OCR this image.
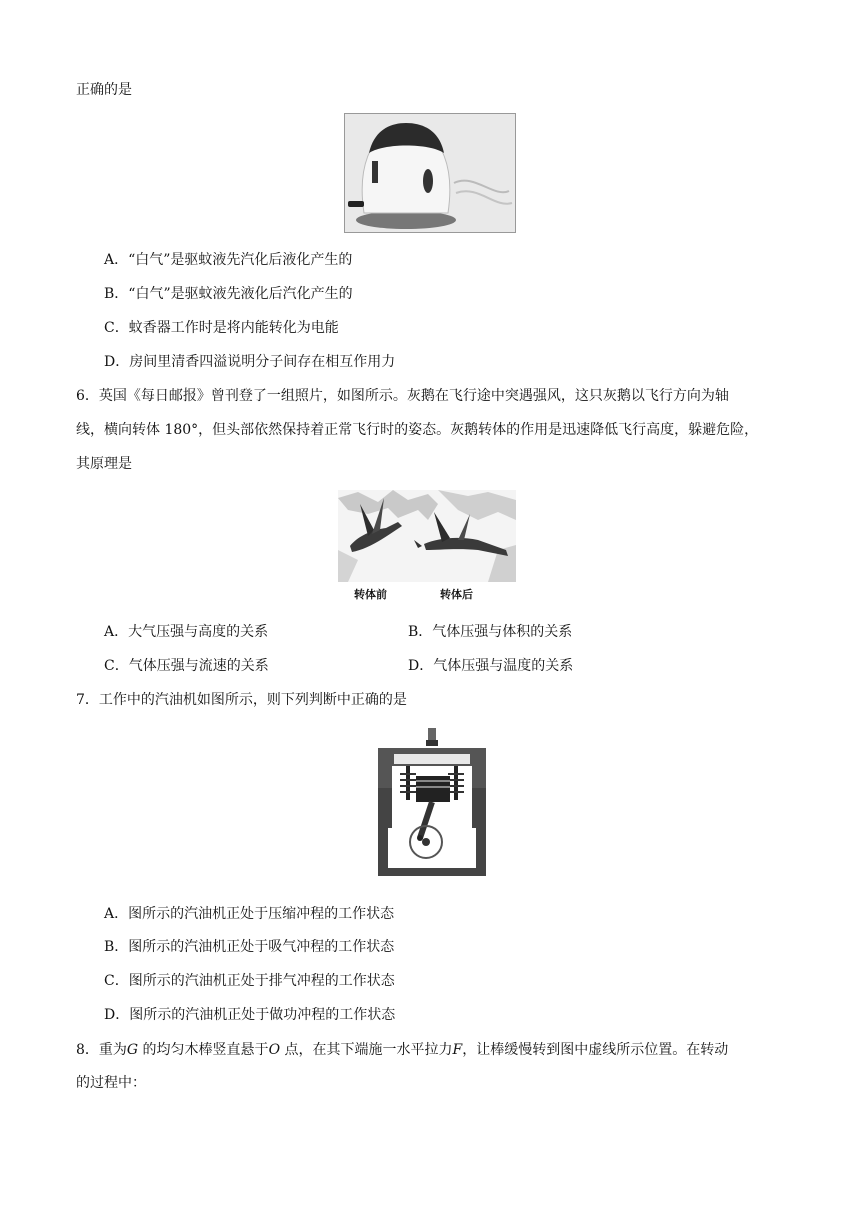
正确的是
A．“白气”是驱蚊液先汽化后液化产生的
B．“白气”是驱蚊液先液化后汽化产生的
C．蚊香器工作时是将内能转化为电能
D．房间里清香四溢说明分子间存在相互作用力
6．英国《每日邮报》曾刊登了一组照片，如图所示。灰鹅在飞行途中突遇强风，这只灰鹅以飞行方向为轴
线，横向转体 180°，但头部依然保持着正常飞行时的姿态。灰鹅转体的作用是迅速降低飞行高度，躲避危险，
其原理是
转体前	转体后
A．大气压强与高度的关系	B．气体压强与体积的关系
C．气体压强与流速的关系	D．气体压强与温度的关系
7．工作中的汽油机如图所示，则下列判断中正确的是
A．图所示的汽油机正处于压缩冲程的工作状态
B．图所示的汽油机正处于吸气冲程的工作状态
C．图所示的汽油机正处于排气冲程的工作状态
D．图所示的汽油机正处于做功冲程的工作状态
8．重为G 的均匀木棒竖直悬于O 点，在其下端施一水平拉力F，让棒缓慢转到图中虚线所示位置。在转动
的过程中：
